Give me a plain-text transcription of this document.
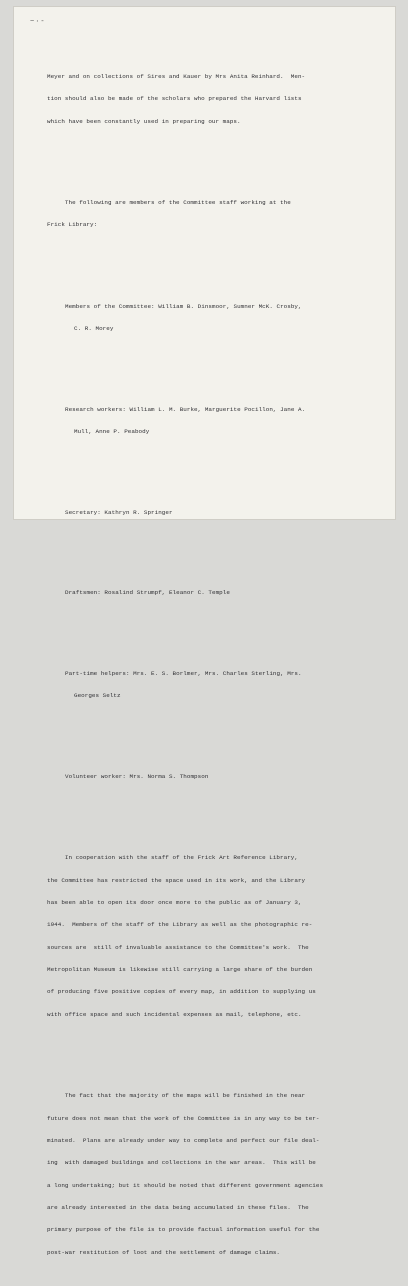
~·-

Meyer and on collections of Sires and Kauer by Mrs Anita Reinhard.  Men-

tion should also be made of the scholars who prepared the Harvard lists

which have been constantly used in preparing our maps.

The following are members of the Committee staff working at the

Frick Library:

Members of the Committee: William B. Dinsmoor, Sumner McK. Crosby,

C. R. Morey

Research workers: William L. M. Burke, Marguerite Pocillon, Jane A.

Mull, Anne P. Peabody

Secretary: Kathryn R. Springer

Draftsmen: Rosalind Strumpf, Eleanor C. Temple

Part-time helpers: Mrs. E. S. Borlmer, Mrs. Charles Sterling, Mrs.

Georges Seltz

Volunteer worker: Mrs. Norma S. Thompson

In cooperation with the staff of the Frick Art Reference Library,

the Committee has restricted the space used in its work, and the Library

has been able to open its door once more to the public as of January 3,

1944.  Members of the staff of the Library as well as the photographic re-

sources are  still of invaluable assistance to the Committee's work.  The

Metropolitan Museum is likewise still carrying a large share of the burden

of producing five positive copies of every map, in addition to supplying us

with office space and such incidental expenses as mail, telephone, etc.

The fact that the majority of the maps will be finished in the near

future does not mean that the work of the Committee is in any way to be ter-

minated.  Plans are already under way to complete and perfect our file deal-

ing  with damaged buildings and collections in the war areas.  This will be

a long undertaking; but it should be noted that different government agencies

are already interested in the data being accumulated in these files.  The

primary purpose of the file is to provide factual information useful for the

post-war restitution of loot and the settlement of damage claims.
